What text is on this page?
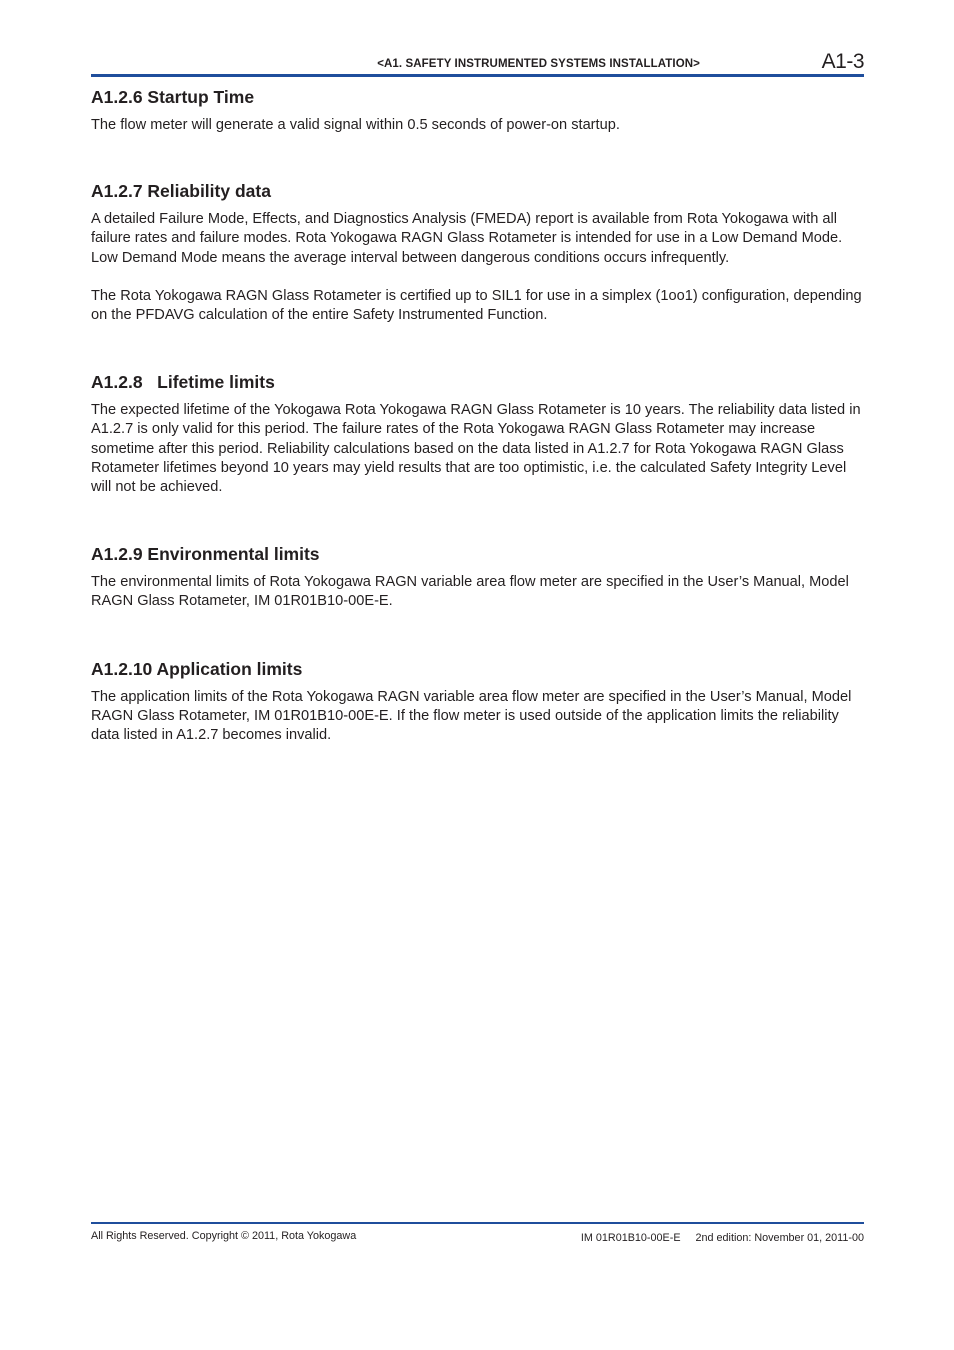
<A1. SAFETY INSTRUMENTED SYSTEMS INSTALLATION>	A1-3
A1.2.6 Startup Time

The flow meter will generate a valid signal within 0.5 seconds of power-on startup.

A1.2.7 Reliability data

A detailed Failure Mode, Effects, and Diagnostics Analysis (FMEDA) report is available from Rota Yokogawa with all failure rates and failure modes. Rota Yokogawa RAGN Glass Rotameter is intended for use in a Low Demand Mode. Low Demand Mode means the average interval between dangerous conditions occurs infrequently.

The Rota Yokogawa RAGN Glass Rotameter is certified up to SIL1 for use in a simplex (1oo1) configuration, depending on the PFDAVG calculation of the entire Safety Instrumented Function.

A1.2.8   Lifetime limits

The expected lifetime of the Yokogawa Rota Yokogawa RAGN Glass Rotameter is 10 years. The reliability data listed in A1.2.7 is only valid for this period. The failure rates of the Rota Yokogawa RAGN Glass Rotameter may increase sometime after this period. Reliability calculations based on the data listed in A1.2.7 for Rota Yokogawa RAGN Glass Rotameter lifetimes beyond 10 years may yield results that are too optimistic, i.e. the calculated Safety Integrity Level will not be achieved.

A1.2.9 Environmental limits

The environmental limits of Rota Yokogawa RAGN variable area flow meter are specified in the User’s Manual, Model RAGN Glass Rotameter, IM 01R01B10-00E-E.

A1.2.10 Application limits

The application limits of the Rota Yokogawa RAGN variable area flow meter are specified in the User’s Manual, Model RAGN Glass Rotameter, IM 01R01B10-00E-E. If the flow meter is used outside of the application limits the reliability data listed in A1.2.7 becomes invalid.

All Rights Reserved. Copyright © 2011, Rota Yokogawa	IM 01R01B10-00E-E     2nd edition: November 01, 2011-00
